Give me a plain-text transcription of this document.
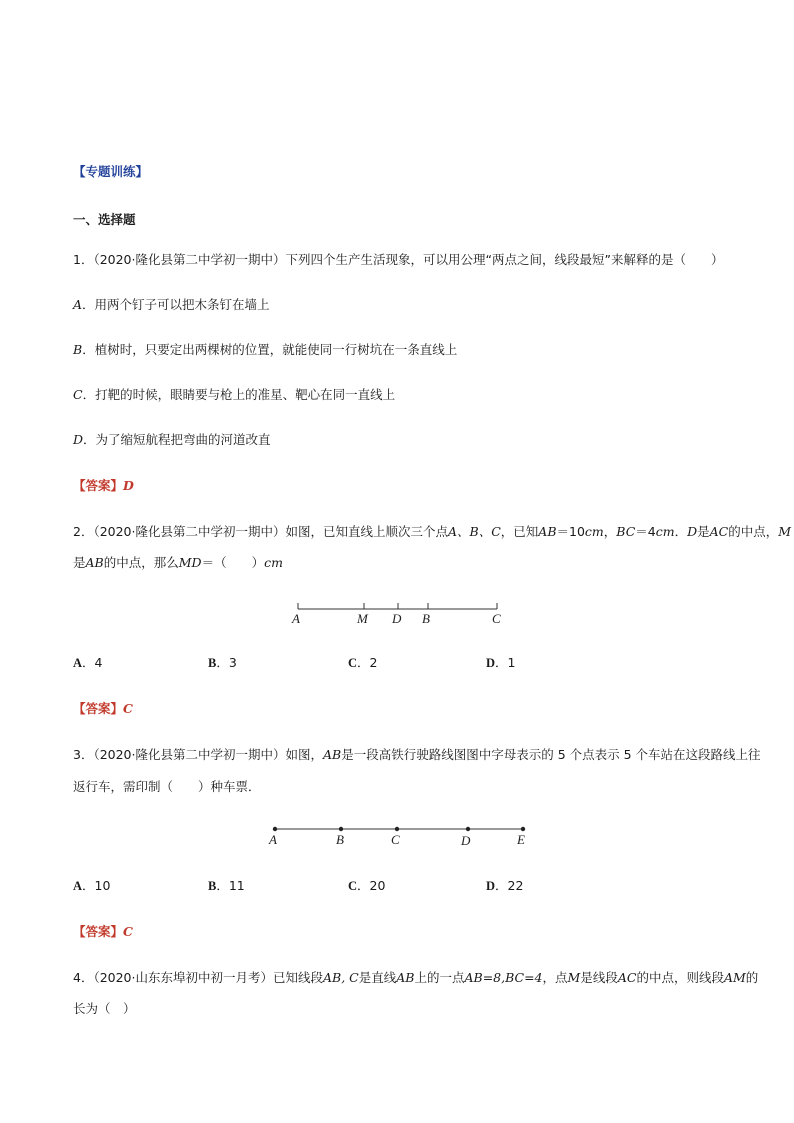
【专题训练】
一、选择题
1．（2020·隆化县第二中学初一期中）下列四个生产生活现象，可以用公理“两点之间，线段最短”来解释的是（　　）
A．用两个钉子可以把木条钉在墙上
B．植树时，只要定出两棵树的位置，就能使同一行树坑在一条直线上
C．打靶的时候，眼睛要与枪上的准星、靶心在同一直线上
D．为了缩短航程把弯曲的河道改直
【答案】D
2．（2020·隆化县第二中学初一期中）如图，已知直线上顺次三个点A、B、C，已知AB＝10cm，BC＝4cm．D是AC的中点，M
是AB的中点，那么MD＝（　　）cm
A	M D B	C
A．4	B．3	C．2	D．1
【答案】C
3．（2020·隆化县第二中学初一期中）如图，AB是一段高铁行驶路线图图中字母表示的 5 个点表示 5 个车站在这段路线上往
返行车，需印制（　　）种车票．
A	B	C	D	E
A．10	B．11	C．20	D．22
【答案】C
4．（2020·山东东埠初中初一月考）已知线段AB, C是直线AB上的一点AB=8,BC=4，点M是线段AC的中点，则线段AM的
长为（　）
